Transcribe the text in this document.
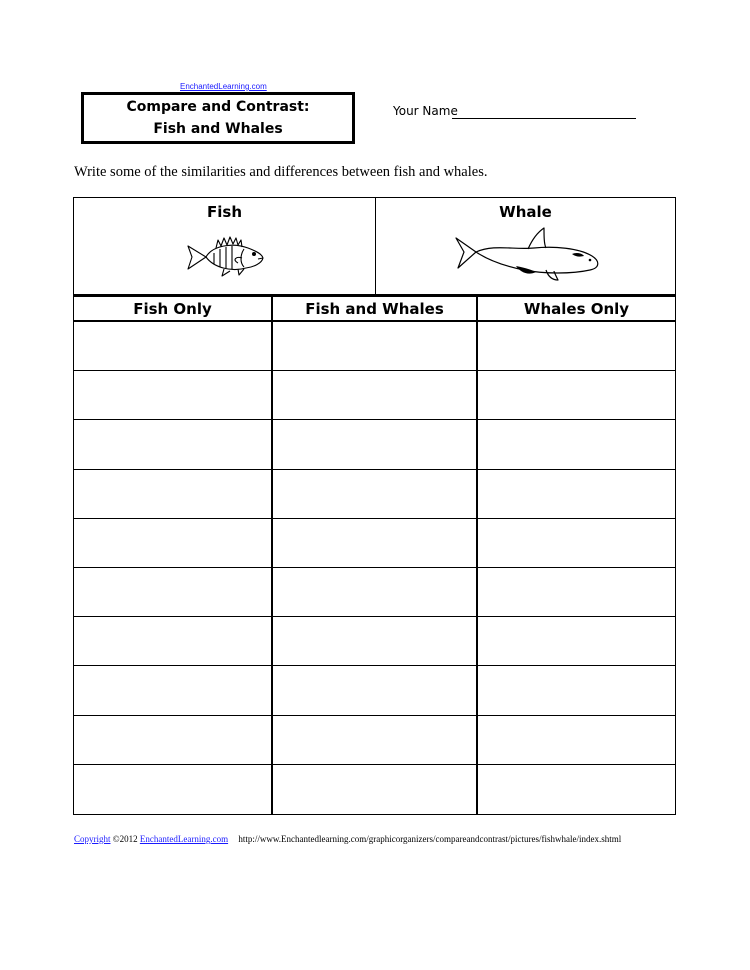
EnchantedLearning.com
Compare and Contrast:
Fish and Whales
Your Name
Write some of the similarities and differences between fish and whales.
Fish	Whale
Fish Only	Fish and Whales	Whales Only
Copyright ©2012 EnchantedLearning.com http://www.Enchantedlearning.com/graphicorganizers/compareandcontrast/pictures/fishwhale/index.shtml
